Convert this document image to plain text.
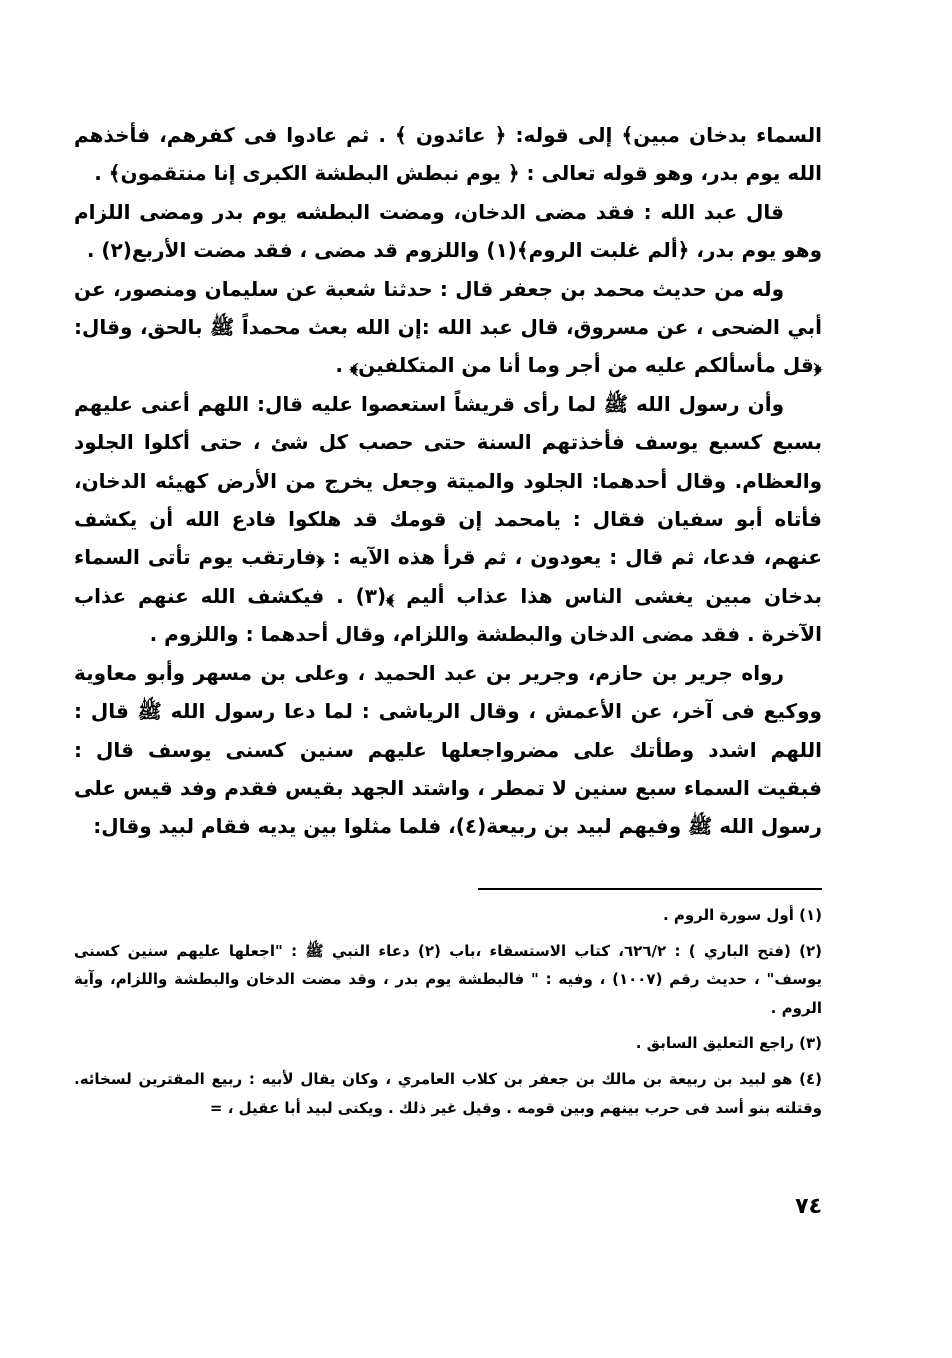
السماء بدخان مبين﴾ إلى قوله: ﴿ عائدون ﴾ . ثم عادوا فى كفرهم، فأخذهم الله يوم بدر، وهو قوله تعالى : ﴿ يوم نبطش البطشة الكبرى إنا منتقمون﴾ .

قال عبد الله : فقد مضى الدخان، ومضت البطشه يوم بدر ومضى اللزام وهو يوم بدر، ﴿ألم غلبت الروم﴾(١) واللزوم قد مضى ، فقد مضت الأربع(٢) .

وله من حديث محمد بن جعفر قال : حدثنا شعبة عن سليمان ومنصور، عن أبي الضحى ، عن مسروق، قال عبد الله :إن الله بعث محمداً ﷺ بالحق، وقال: ﴿قل مأسألكم عليه من أجر وما أنا من المتكلفين﴾ .

وأن رسول الله ﷺ لما رأى قريشاً استعصوا عليه قال: اللهم أعنى عليهم بسبع كسبع يوسف فأخذتهم السنة حتى حصب كل شئ ، حتى أكلوا الجلود والعظام. وقال أحدهما: الجلود والميتة وجعل يخرج من الأرض كهيئه الدخان، فأتاه أبو سفيان فقال : يامحمد إن قومك قد هلكوا فادع الله أن يكشف عنهم، فدعا، ثم قال : يعودون ، ثم قرأ هذه الآيه : ﴿فارتقب يوم تأتى السماء بدخان مبين يغشى الناس هذا عذاب أليم ﴾(٣) . فيكشف الله عنهم عذاب الآخرة . فقد مضى الدخان والبطشة واللزام، وقال أحدهما : واللزوم .

رواه جرير بن حازم، وجرير بن عبد الحميد ، وعلى بن مسهر وأبو معاوية ووكيع فى آخر، عن الأعمش ، وقال الرياشى : لما دعا رسول الله ﷺ قال : اللهم اشدد وطأتك على مضرواجعلها عليهم سنين كسنى يوسف قال : فبقيت السماء سبع سنين لا تمطر ، واشتد الجهد بقيس فقدم وفد قيس على رسول الله ﷺ وفيهم لبيد بن ربيعة(٤)، فلما مثلوا بين يديه فقام لبيد وقال:

(١) أول سورة الروم .

(٢) (فتح الباري ) : ٦٢٦/٢، كتاب الاستسقاء ،باب (٢) دعاء النبي ﷺ : "اجعلها عليهم سنين كسنى يوسف" ، حديث رقم (١٠٠٧) ، وفيه : " فالبطشة يوم بدر ، وقد مضت الدخان والبطشة واللزام، وآية الروم .

(٣) راجع التعليق السابق .

(٤) هو لبيد بن ربيعة بن مالك بن جعفر بن كلاب العامري ، وكان يقال لأبيه : ربيع المقترين لسخائه. وقتلته بنو أسد فى حرب بينهم وبين قومه . وقيل غير ذلك . ويكنى لبيد أبا عقيل ، =

٧٤
